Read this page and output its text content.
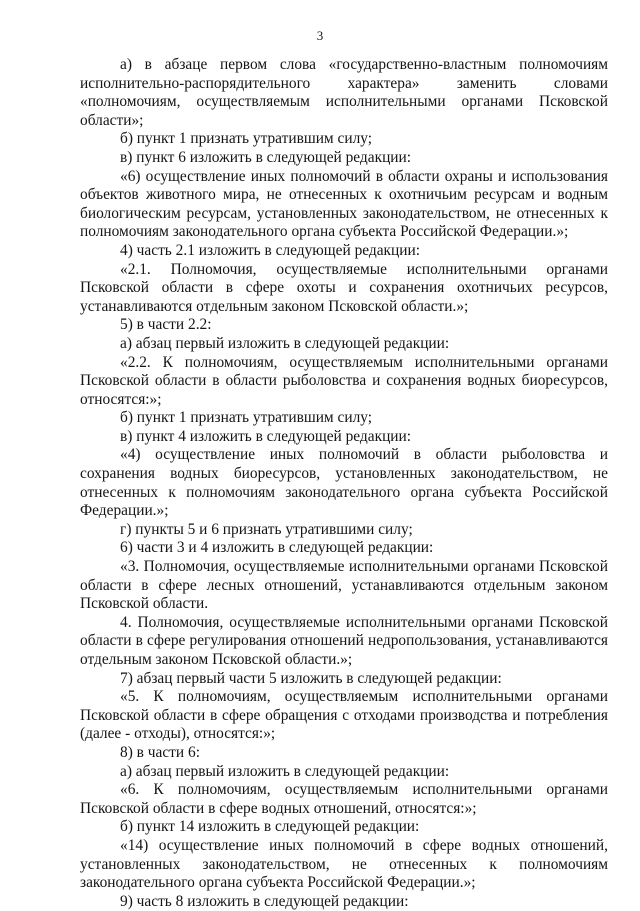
3

а) в абзаце первом слова «государственно-властным полномочиям исполнительно-распорядительного характера» заменить словами «полномочиям, осуществляемым исполнительными органами Псковской области»;

б) пункт 1 признать утратившим силу;

в) пункт 6 изложить в следующей редакции:

«6) осуществление иных полномочий в области охраны и использования объектов животного мира, не отнесенных к охотничьим ресурсам и водным биологическим ресурсам, установленных законодательством, не отнесенных к полномочиям законодательного органа субъекта Российской Федерации.»;

4) часть 2.1 изложить в следующей редакции:

«2.1. Полномочия, осуществляемые исполнительными органами Псковской области в сфере охоты и сохранения охотничьих ресурсов, устанавливаются отдельным законом Псковской области.»;

5) в части 2.2:

а) абзац первый изложить в следующей редакции:

«2.2. К полномочиям, осуществляемым исполнительными органами Псковской области в области рыболовства и сохранения водных биоресурсов, относятся:»;

б) пункт 1 признать утратившим силу;

в) пункт 4 изложить в следующей редакции:

«4) осуществление иных полномочий в области рыболовства и сохранения водных биоресурсов, установленных законодательством, не отнесенных к полномочиям законодательного органа субъекта Российской Федерации.»;

г) пункты 5 и 6 признать утратившими силу;

6) части 3 и 4 изложить в следующей редакции:

«3. Полномочия, осуществляемые исполнительными органами Псковской области в сфере лесных отношений, устанавливаются отдельным законом Псковской области.

4. Полномочия, осуществляемые исполнительными органами Псковской области в сфере регулирования отношений недропользования, устанавливаются отдельным законом Псковской области.»;

7) абзац первый части 5 изложить в следующей редакции:

«5. К полномочиям, осуществляемым исполнительными органами Псковской области в сфере обращения с отходами производства и потребления (далее - отходы), относятся:»;

8) в части 6:

а) абзац первый изложить в следующей редакции:

«6. К полномочиям, осуществляемым исполнительными органами Псковской области в сфере водных отношений, относятся:»;

б) пункт 14 изложить в следующей редакции:

«14) осуществление иных полномочий в сфере водных отношений, установленных законодательством, не отнесенных к полномочиям законодательного органа субъекта Российской Федерации.»;

9) часть 8 изложить в следующей редакции:
